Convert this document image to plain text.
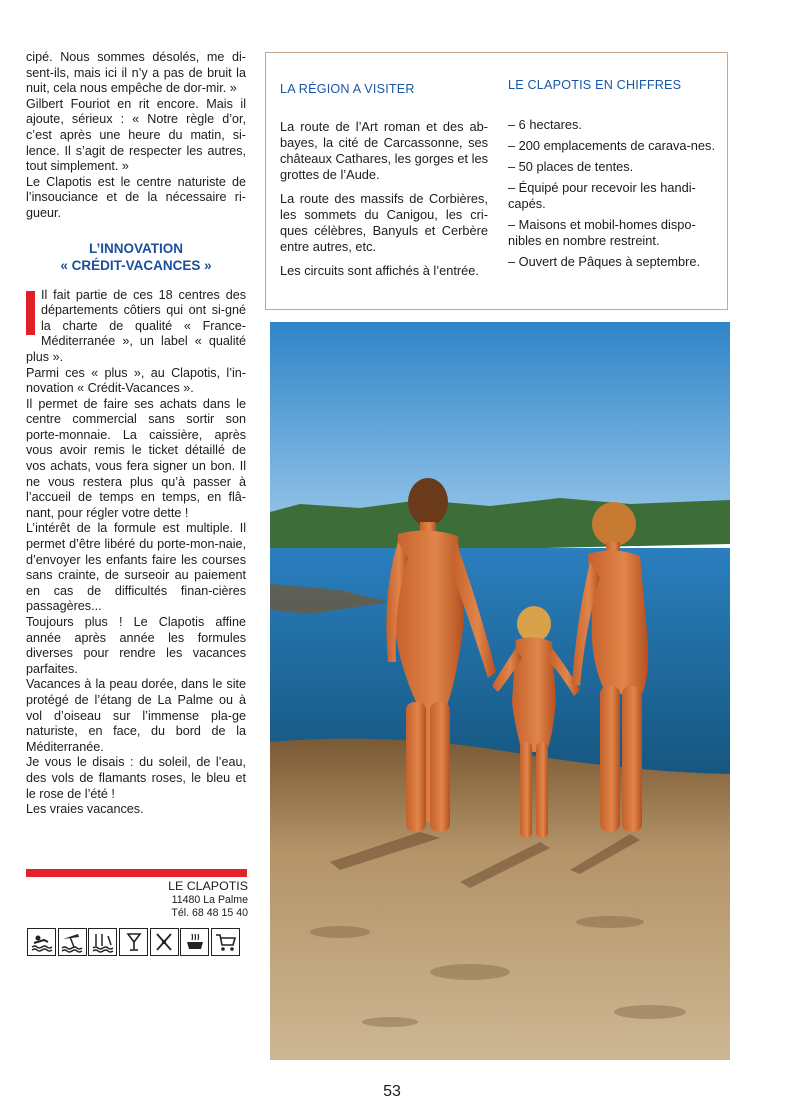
cipé. Nous sommes désolés, me di-sent-ils, mais ici il n’y a pas de bruit la nuit, cela nous empêche de dor-mir. »

Gilbert Fouriot en rit encore. Mais il ajoute, sérieux : « Notre règle d’or, c’est après une heure du matin, si-lence. Il s’agit de respecter les autres, tout simplement. »

Le Clapotis est le centre naturiste de l’insouciance et de la nécessaire ri-gueur.

L’INNOVATION
« CRÉDIT-VACANCES »

Il fait partie de ces 18 centres des départements côtiers qui ont si-gné la charte de qualité « France-Méditerranée », un label « qualité plus ».

Parmi ces « plus », au Clapotis, l’in-novation « Crédit-Vacances ».

Il permet de faire ses achats dans le centre commercial sans sortir son porte-monnaie. La caissière, après vous avoir remis le ticket détaillé de vos achats, vous fera signer un bon. Il ne vous restera plus qu’à passer à l’accueil de temps en temps, en flâ-nant, pour régler votre dette !

L’intérêt de la formule est multiple. Il permet d’être libéré du porte-mon-naie, d’envoyer les enfants faire les courses sans crainte, de surseoir au paiement en cas de difficultés finan-cières passagères...

Toujours plus ! Le Clapotis affine année après année les formules diverses pour rendre les vacances parfaites.

Vacances à la peau dorée, dans le site protégé de l’étang de La Palme ou à vol d’oiseau sur l’immense pla-ge naturiste, en face, du bord de la Méditerranée.

Je vous le disais : du soleil, de l’eau, des vols de flamants roses, le bleu et le rose de l’été !

Les vraies vacances.

LA RÉGION A VISITER

La route de l’Art roman et des ab-bayes, la cité de Carcassonne, ses châteaux Cathares, les gorges et les grottes de l’Aude.

La route des massifs de Corbières, les sommets du Canigou, les cri-ques célèbres, Banyuls et Cerbère entre autres, etc.

Les circuits sont affichés à l’entrée.

LE CLAPOTIS EN CHIFFRES

– 6 hectares.

– 200 emplacements de carava-nes.

– 50 places de tentes.

– Équipé pour recevoir les handi-capés.

– Maisons et mobil-homes dispo-nibles en nombre restreint.

– Ouvert de Pâques à septembre.

LE CLAPOTIS
11480 La Palme
Tél. 68 48 15 40
53
